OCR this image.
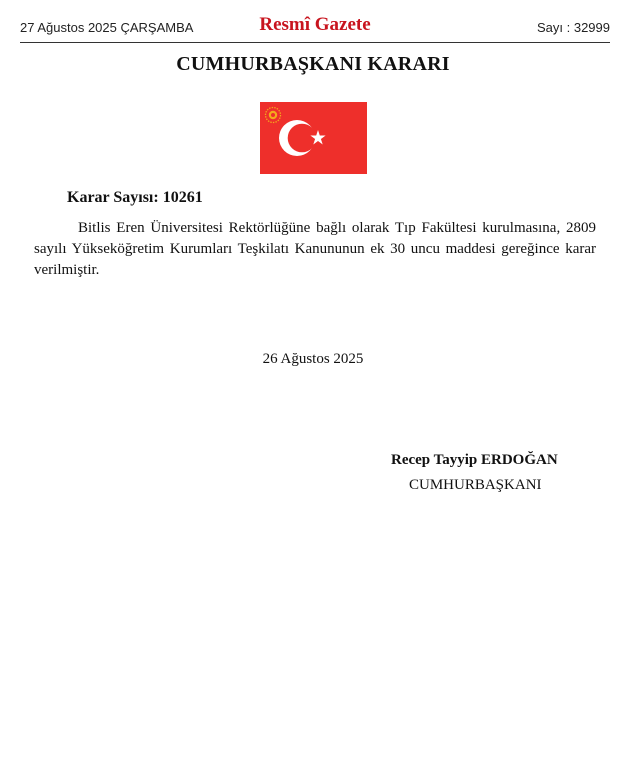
27 Ağustos 2025 ÇARŞAMBA	Resmî Gazete	Sayı : 32999
CUMHURBAŞKANI KARARI
Karar Sayısı: 10261
Bitlis Eren Üniversitesi Rektörlüğüne bağlı olarak Tıp Fakültesi kurulmasına, 2809 sayılı Yükseköğretim Kurumları Teşkilatı Kanununun ek 30 uncu maddesi gereğince karar verilmiştir.
26 Ağustos 2025
Recep Tayyip ERDOĞAN
CUMHURBAŞKANI
